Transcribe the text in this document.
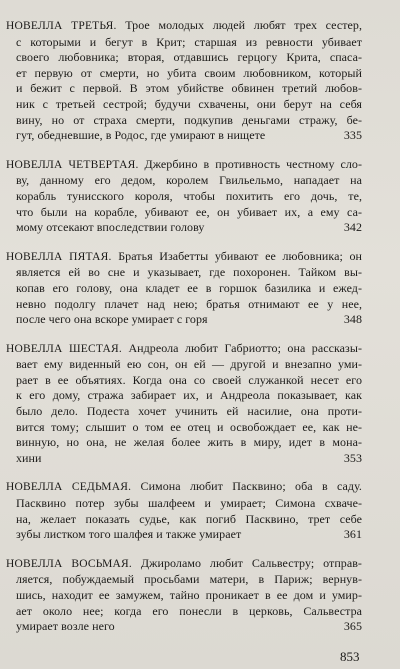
НОВЕЛЛА ТРЕТЬЯ. Трое молодых людей любят трех сестер,
с которыми и бегут в Крит; старшая из ревности убивает
своего любовника; вторая, отдавшись герцогу Крита, спаса-
ет первую от смерти, но убита своим любовником, который
и бежит с первой. В этом убийстве обвинен третий любов-
ник с третьей сестрой; будучи схвачены, они берут на себя
вину, но от страха смерти, подкупив деньгами стражу, бе-
гут, обедневшие, в Родос, где умирают в нищете	335
НОВЕЛЛА ЧЕТВЕРТАЯ. Джербино в противность честному сло-
ву, данному его дедом, королем Гвильельмо, нападает на
корабль тунисского короля, чтобы похитить его дочь, те,
что были на корабле, убивают ее, он убивает их, а ему са-
мому отсекают впоследствии голову	342
НОВЕЛЛА ПЯТАЯ. Братья Изабетты убивают ее любовника; он
является ей во сне и указывает, где похоронен. Тайком вы-
копав его голову, она кладет ее в горшок базилика и ежед-
невно подолгу плачет над нею; братья отнимают ее у нее,
после чего она вскоре умирает с горя	348
НОВЕЛЛА ШЕСТАЯ. Андреола любит Габриотто; она рассказы-
вает ему виденный ею сон, он ей — другой и внезапно уми-
рает в ее объятиях. Когда она со своей служанкой несет его
к его дому, стража забирает их, и Андреола показывает, как
было дело. Подеста хочет учинить ей насилие, она проти-
вится тому; слышит о том ее отец и освобождает ее, как не-
винную, но она, не желая более жить в миру, идет в мона-
хини	353
НОВЕЛЛА СЕДЬМАЯ. Симона любит Пасквино; оба в саду.
Пасквино потер зубы шалфеем и умирает; Симона схваче-
на, желает показать судье, как погиб Пасквино, трет себе
зубы листком того шалфея и также умирает	361
НОВЕЛЛА ВОСЬМАЯ. Джироламо любит Сальвестру; отправ-
ляется, побуждаемый просьбами матери, в Париж; вернув-
шись, находит ее замужем, тайно проникает в ее дом и умир-
ает около нее; когда его понесли в церковь, Сальвестра
умирает возле него	365
853
